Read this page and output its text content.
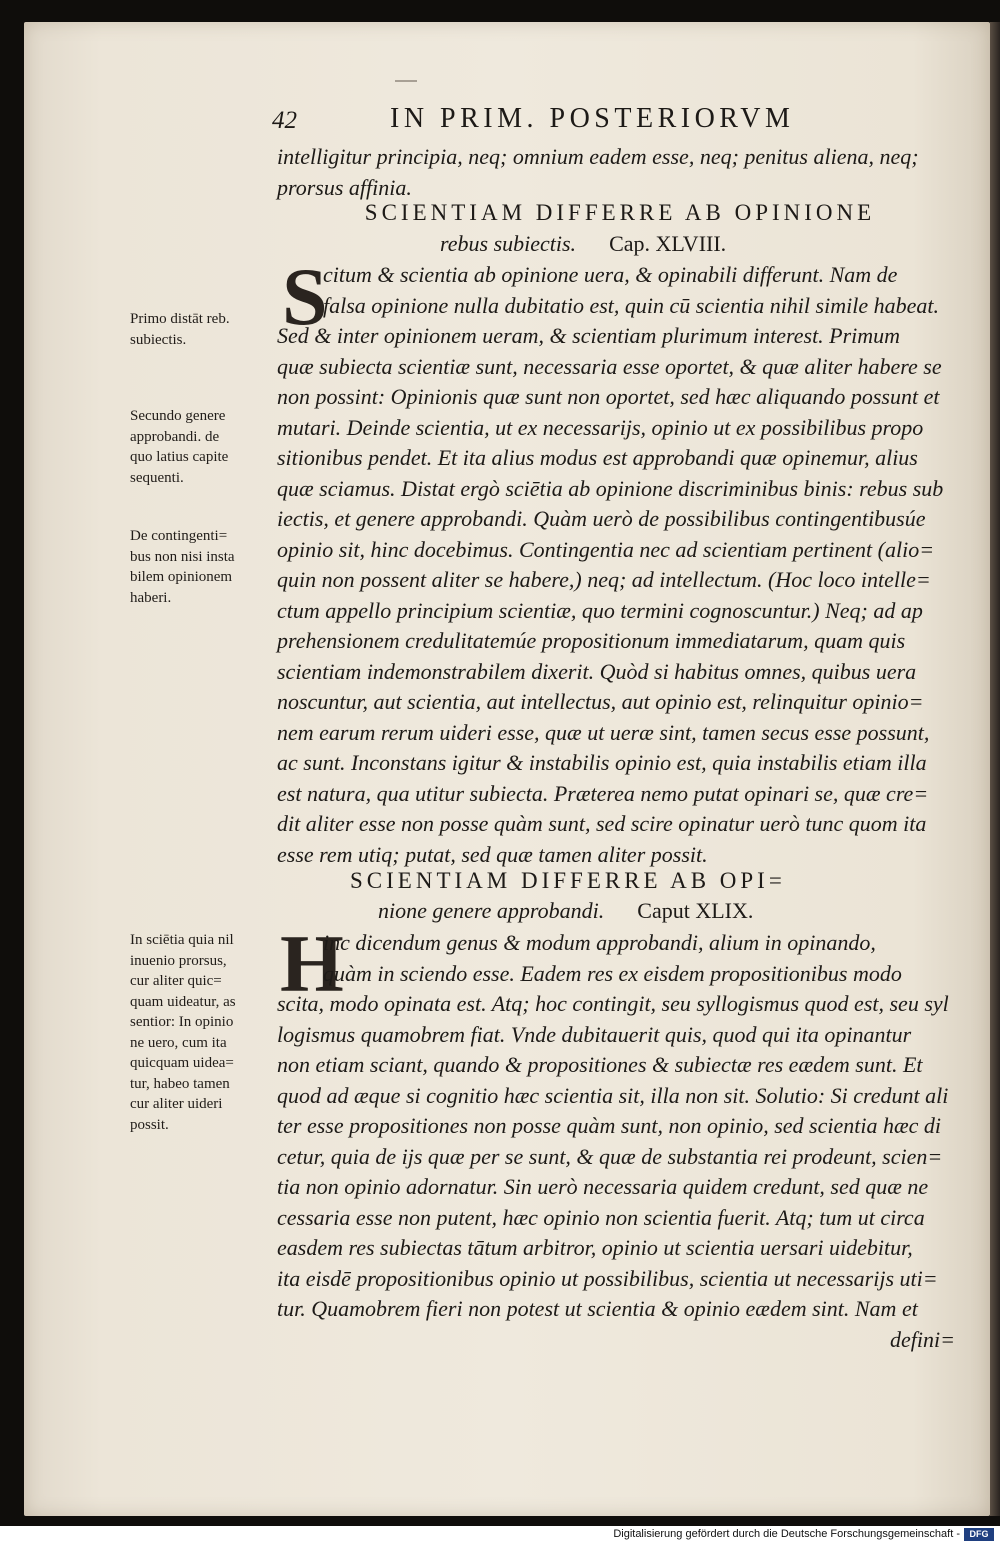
42	IN PRIM. POSTERIORVM
intelligitur principia, neq; omnium eadem esse, neq; penitus aliena, neq;
prorsus affinia.
SCIENTIAM DIFFERRE AB OPINIONE
rebus subiectis. Cap. XLVIII.
S
citum & scientia ab opinione uera, & opinabili differunt. Nam de
falsa opinione nulla dubitatio est, quin cū scientia nihil simile habeat.
Sed & inter opinionem ueram, & scientiam plurimum interest. Primum
quæ subiecta scientiæ sunt, necessaria esse oportet, & quæ aliter habere se
non possint: Opinionis quæ sunt non oportet, sed hæc aliquando possunt et
mutari. Deinde scientia, ut ex necessarijs, opinio ut ex possibilibus propo
sitionibus pendet. Et ita alius modus est approbandi quæ opinemur, alius
quæ sciamus. Distat ergò sciētia ab opinione discriminibus binis: rebus sub
iectis, et genere approbandi. Quàm uerò de possibilibus contingentibusúe
opinio sit, hinc docebimus. Contingentia nec ad scientiam pertinent (alio=
quin non possent aliter se habere,) neq; ad intellectum. (Hoc loco intelle=
ctum appello principium scientiæ, quo termini cognoscuntur.) Neq; ad ap
prehensionem credulitatemúe propositionum immediatarum, quam quis
scientiam indemonstrabilem dixerit. Quòd si habitus omnes, quibus uera
noscuntur, aut scientia, aut intellectus, aut opinio est, relinquitur opinio=
nem earum rerum uideri esse, quæ ut ueræ sint, tamen secus esse possunt,
ac sunt. Inconstans igitur & instabilis opinio est, quia instabilis etiam illa
est natura, qua utitur subiecta. Præterea nemo putat opinari se, quæ cre=
dit aliter esse non posse quàm sunt, sed scire opinatur uerò tunc quom ita
esse rem utiq; putat, sed quæ tamen aliter possit.
SCIENTIAM DIFFERRE AB OPI=
nione genere approbandi. Caput XLIX.
H
inc dicendum genus & modum approbandi, alium in opinando,
quàm in sciendo esse. Eadem res ex eisdem propositionibus modo
scita, modo opinata est. Atq; hoc contingit, seu syllogismus quod est, seu syl
logismus quamobrem fiat. Vnde dubitauerit quis, quod qui ita opinantur
non etiam sciant, quando & propositiones & subiectæ res eædem sunt. Et
quod ad æque si cognitio hæc scientia sit, illa non sit. Solutio: Si credunt ali
ter esse propositiones non posse quàm sunt, non opinio, sed scientia hæc di
cetur, quia de ijs quæ per se sunt, & quæ de substantia rei prodeunt, scien=
tia non opinio adornatur. Sin uerò necessaria quidem credunt, sed quæ ne
cessaria esse non putent, hæc opinio non scientia fuerit. Atq; tum ut circa
easdem res subiectas tātum arbitror, opinio ut scientia uersari uidebitur,
ita eisdē propositionibus opinio ut possibilibus, scientia ut necessarijs uti=
tur. Quamobrem fieri non potest ut scientia & opinio eædem sint. Nam et
defini=
Primo distāt reb.
subiectis.
Secundo genere
approbandi. de
quo latius capite
sequenti.
De contingenti=
bus non nisi insta
bilem opinionem
haberi.
In sciētia quia nil
inuenio prorsus,
cur aliter quic=
quam uideatur, as
sentior: In opinio
ne uero, cum ita
quicquam uidea=
tur, habeo tamen
cur aliter uideri
possit.
Digitalisierung gefördert durch die Deutsche Forschungsgemeinschaft -	DFG
